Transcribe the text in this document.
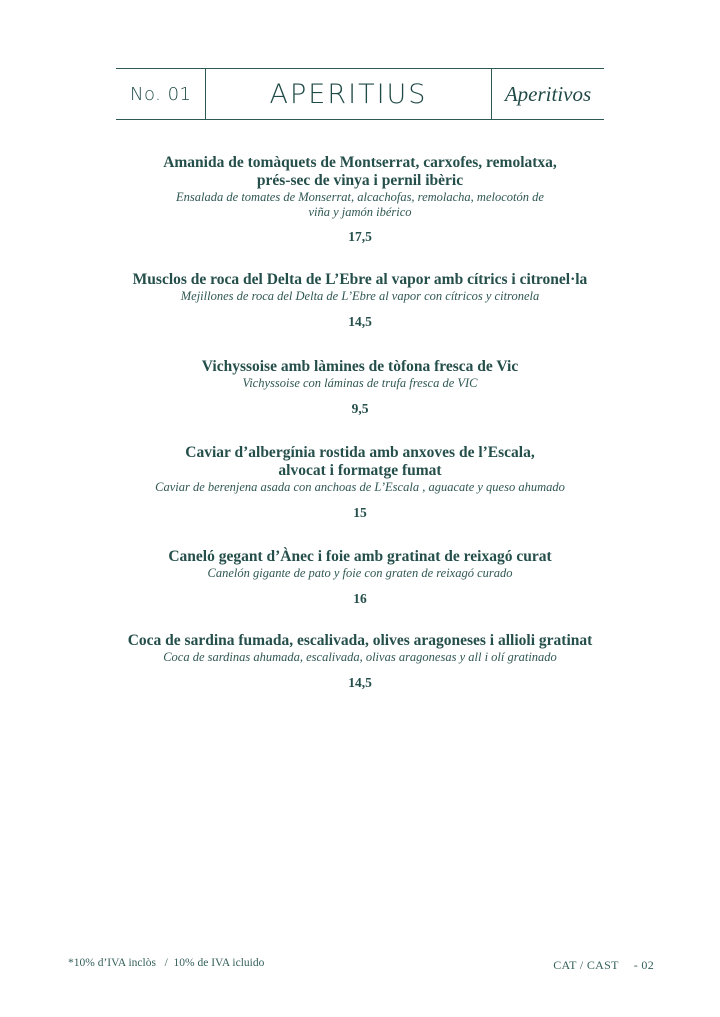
No. 01	APERITIUS	Aperitivos
Amanida de tomàquets de Montserrat, carxofes, remolatxa, prés-sec de vinya i pernil ibèric
Ensalada de tomates de Monserrat, alcachofas, remolacha, melocotón de viña y jamón ibérico
17,5
Musclos de roca del Delta de L’Ebre al vapor amb cítrics i citronel·la
Mejillones de roca del Delta de L’Ebre al vapor con cítricos y citronela
14,5
Vichyssoise amb làmines de tòfona fresca de Vic
Vichyssoise con láminas de trufa fresca de VIC
9,5
Caviar d’albergínia rostida amb anxoves de l’Escala, alvocat i formatge fumat
Caviar de berenjena asada con anchoas de L’Escala , aguacate y queso ahumado
15
Caneló gegant d’Ànec i foie amb gratinat de reixagó curat
Canelón gigante de pato y foie con graten de reixagó curado
16
Coca de sardina fumada, escalivada, olives aragoneses i allioli gratinat
Coca de sardinas ahumada, escalivada, olivas aragonesas y all i olí gratinado
14,5
*10% d’IVA inclòs   /  10% de IVA icluido	CAT / CAST - 02
